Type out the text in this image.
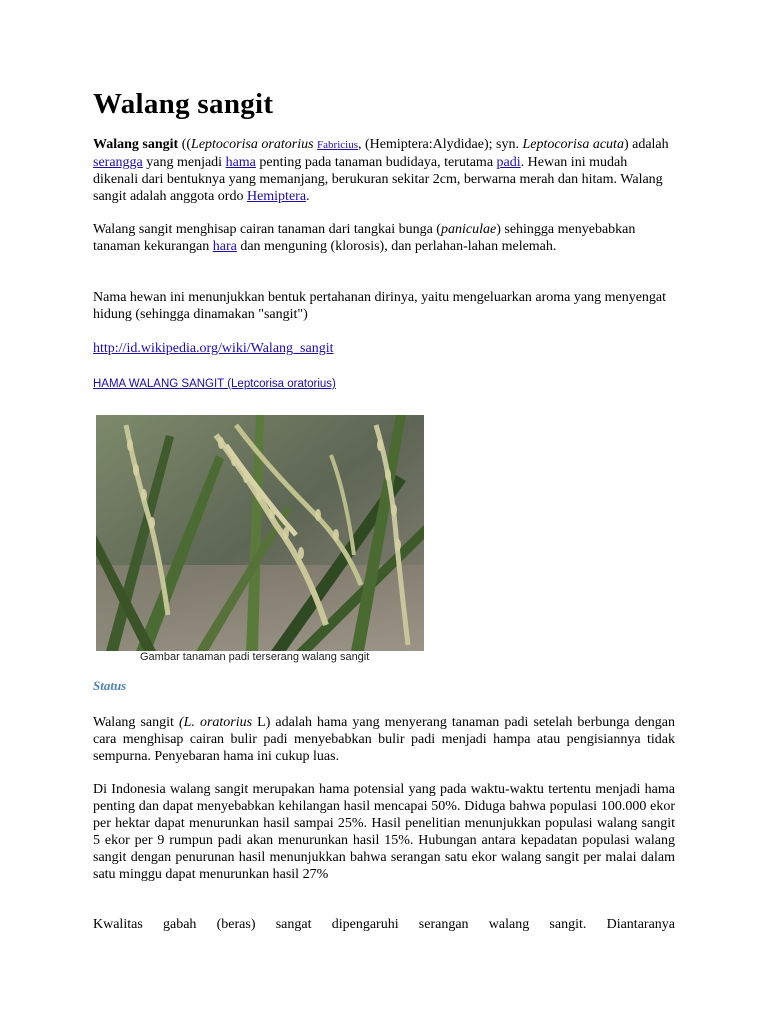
Walang sangit

Walang sangit ((Leptocorisa oratorius Fabricius, (Hemiptera:Alydidae); syn. Leptocorisa acuta) adalah serangga yang menjadi hama penting pada tanaman budidaya, terutama padi. Hewan ini mudah dikenali dari bentuknya yang memanjang, berukuran sekitar 2cm, berwarna merah dan hitam. Walang sangit adalah anggota ordo Hemiptera.

Walang sangit menghisap cairan tanaman dari tangkai bunga (paniculae) sehingga menyebabkan tanaman kekurangan hara dan menguning (klorosis), dan perlahan-lahan melemah.

Nama hewan ini menunjukkan bentuk pertahanan dirinya, yaitu mengeluarkan aroma yang menyengat hidung (sehingga dinamakan "sangit")

http://id.wikipedia.org/wiki/Walang_sangit

HAMA WALANG SANGIT (Leptcorisa oratorius)
Gambar tanaman padi terserang walang sangit
Status

Walang sangit (L. oratorius L) adalah hama yang menyerang tanaman padi setelah berbunga dengan cara menghisap cairan bulir padi menyebabkan bulir padi menjadi hampa atau pengisiannya tidak sempurna. Penyebaran hama ini cukup luas.

Di Indonesia walang sangit merupakan hama potensial yang pada waktu-waktu tertentu menjadi hama penting dan dapat menyebabkan kehilangan hasil mencapai 50%. Diduga bahwa populasi 100.000 ekor per hektar dapat menurunkan hasil sampai 25%. Hasil penelitian menunjukkan populasi walang sangit 5 ekor per 9 rumpun padi akan menurunkan hasil 15%. Hubungan antara kepadatan populasi walang sangit dengan penurunan hasil menunjukkan bahwa serangan satu ekor walang sangit per malai dalam satu minggu dapat menurunkan hasil 27%

Kwalitas gabah (beras) sangat dipengaruhi serangan walang sangit. Diantaranya
